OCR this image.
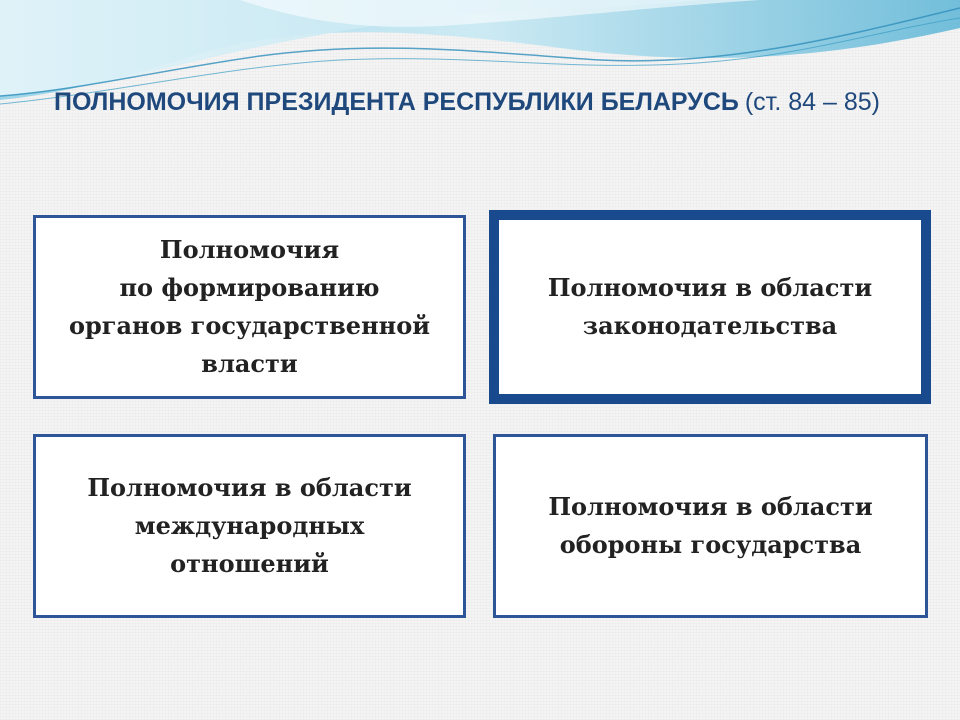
ПОЛНОМОЧИЯ ПРЕЗИДЕНТА РЕСПУБЛИКИ БЕЛАРУСЬ (ст. 84 – 85)
Полномочия
по формированию
органов государственной
власти
Полномочия в области
законодательства
Полномочия в области
международных
отношений
Полномочия в области
обороны государства
